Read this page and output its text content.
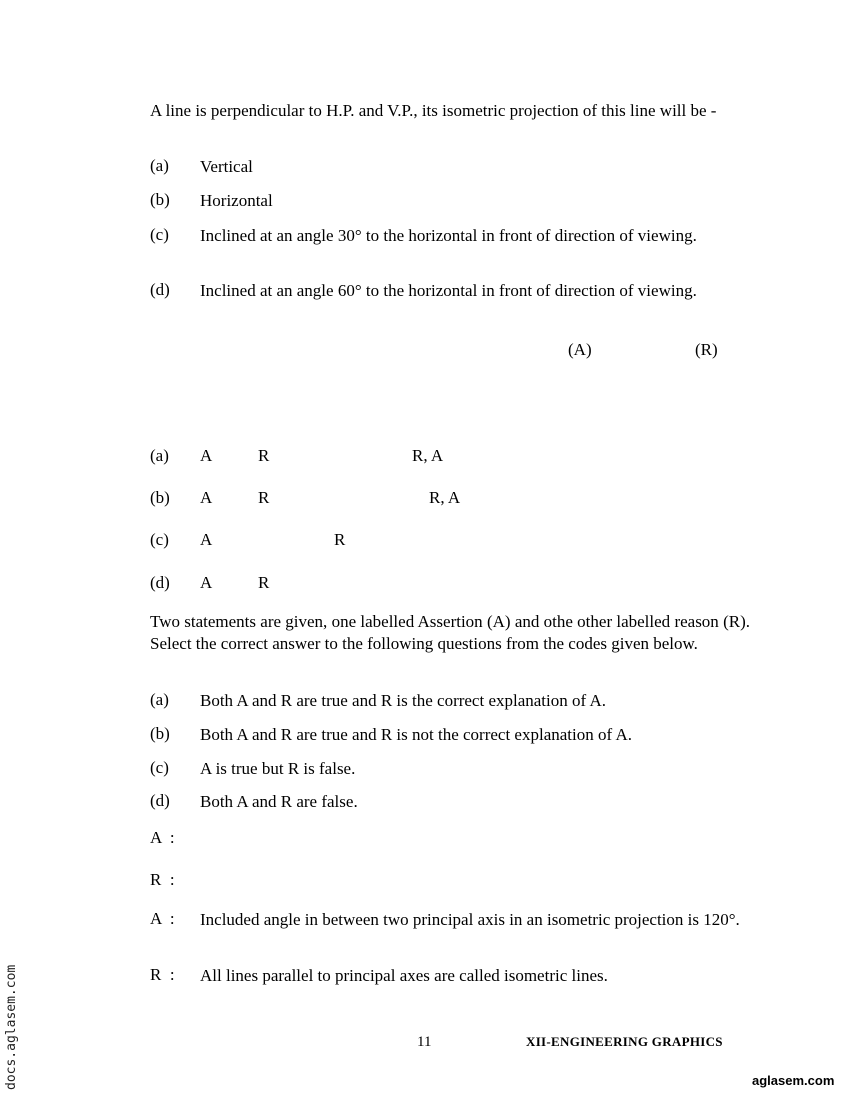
A line is perpendicular to H.P. and V.P., its isometric projection of this line will be -
(a) Vertical
(b) Horizontal
(c) Inclined at an angle 30° to the horizontal in front of direction of viewing.
(d) Inclined at an angle 60° to the horizontal in front of direction of viewing.
(A)	(R)
(a) A	R	R, A
(b) A	R	R, A
(c) A	R
(d) A	R
Two statements are given, one labelled Assertion (A) and othe other labelled reason (R). Select the correct answer to the following questions from the codes given below.
(a) Both A and R are true and R is the correct explanation of A.
(b) Both A and R are true and R is not the correct explanation of A.
(c) A is true but R is false.
(d) Both A and R are false.
A  :
R  :
A  : Included angle in between two principal axis in an isometric projection is 120°.
R  : All lines parallel to principal axes are called isometric lines.
11	XII-ENGINEERING GRAPHICS
docs.aglasem.com	aglasem.com
